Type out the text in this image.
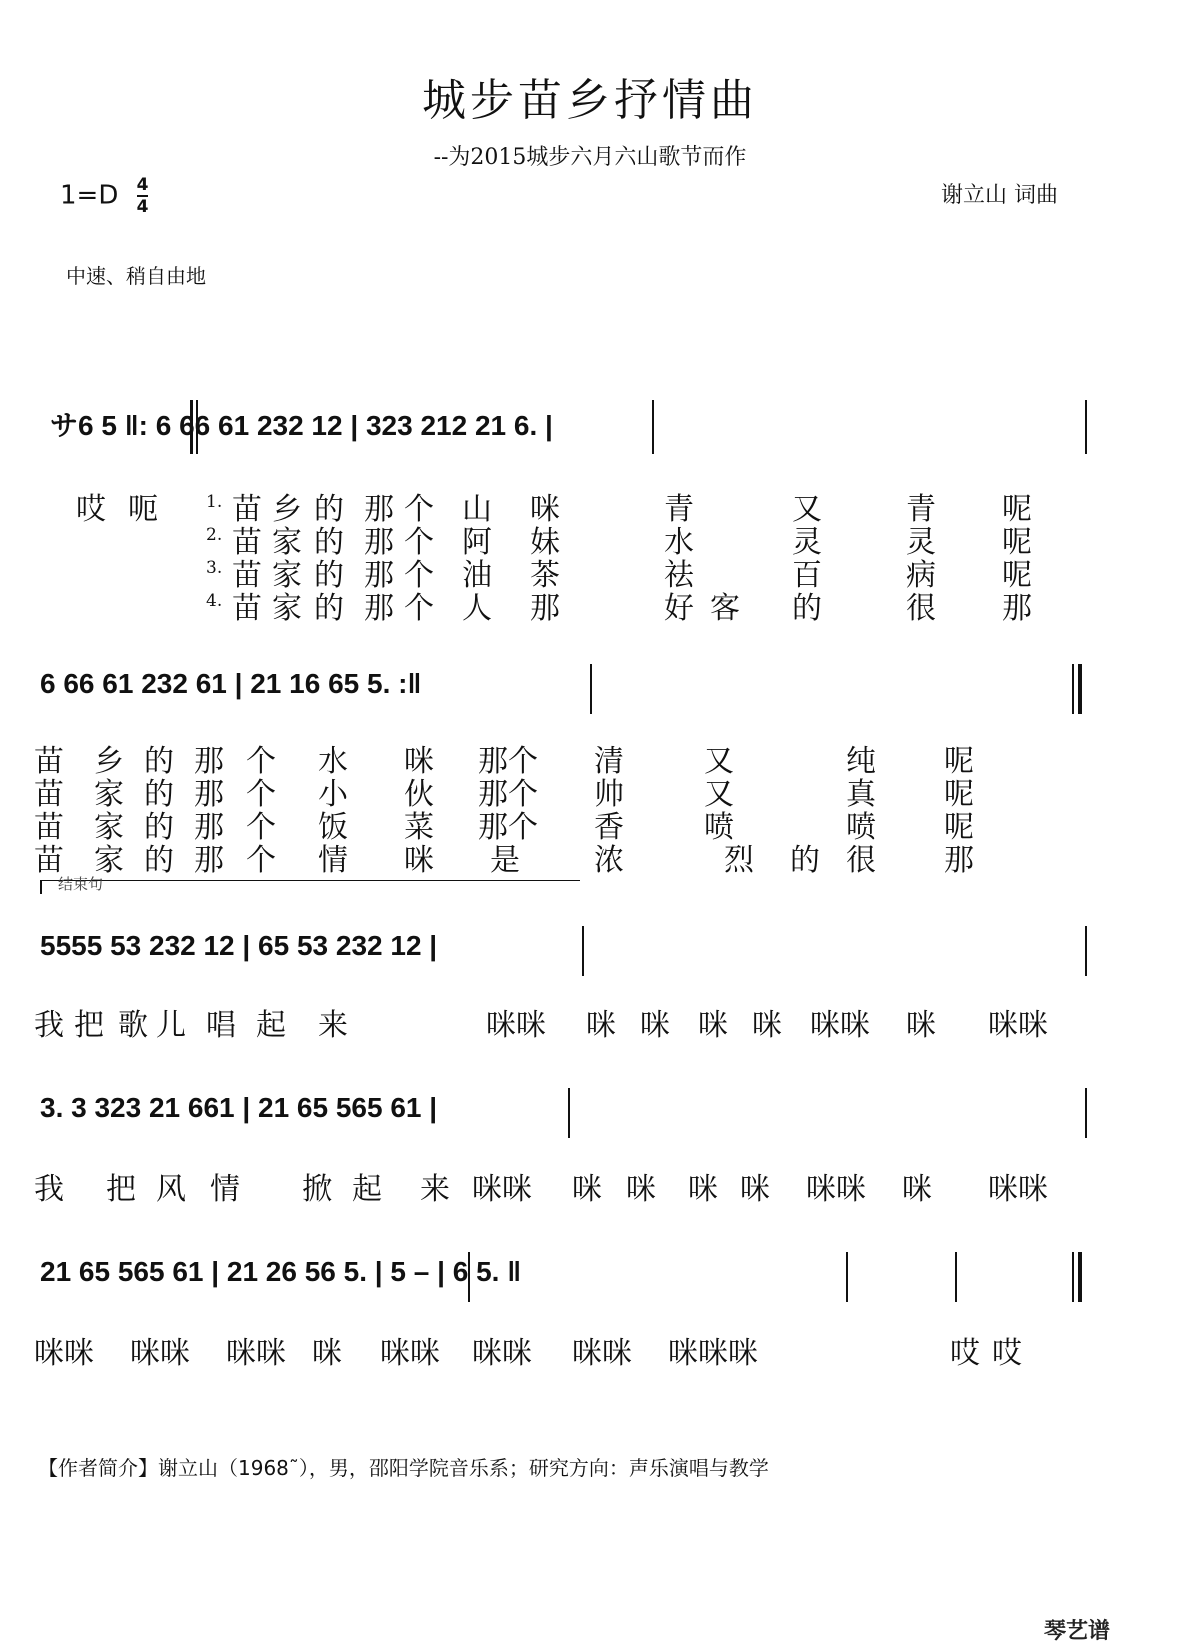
城步苗乡抒情曲
--为2015城步六月六山歌节而作
$1=D \frac{4}{4}$	谢立山 词曲
中速、稍自由地
サ6 5 ‖: 6 66 61 232 12 | 323 212 21 6. |
哎 呃	1. 苗 乡 的 那 个 山 咪	青	又	青 呢
2. 苗 家 的 那 个 阿 妹	水	灵	灵 呢
3. 苗 家 的 那 个 油 茶	祛	百	病 呢
4. 苗 家 的 那 个 人 那	好 客 的	很 那
6 66 61 232 61 | 21 16 65 5. :‖
苗 乡 的 那 个 水 咪 那个 清	又	纯 呢
苗 家 的 那 个 小 伙 那个 帅	又	真 呢
苗 家 的 那 个 饭 菜 那个 香	喷	喷 呢
苗 家 的 那 个 情 咪 是 浓	烈 的 很 那
结束句
5555 53 232 12 | 65 53 232 12 |
我 把 歌 儿 唱 起 来	咪咪 咪 咪 咪 咪 咪咪 咪 咪咪
3. 3 323 21 661 | 21 65 565 61 |
我 把 风 情 掀 起 来 咪咪 咪 咪 咪 咪 咪咪 咪 咪咪
21 65 565 61 | 21 26 56 5. | 5 – | 6 5. ‖
咪咪 咪咪 咪咪 咪 咪咪 咪咪 咪咪 咪咪咪	哎 哎
【作者简介】谢立山（1968˜），男，邵阳学院音乐系；研究方向：声乐演唱与教学
琴艺谱
